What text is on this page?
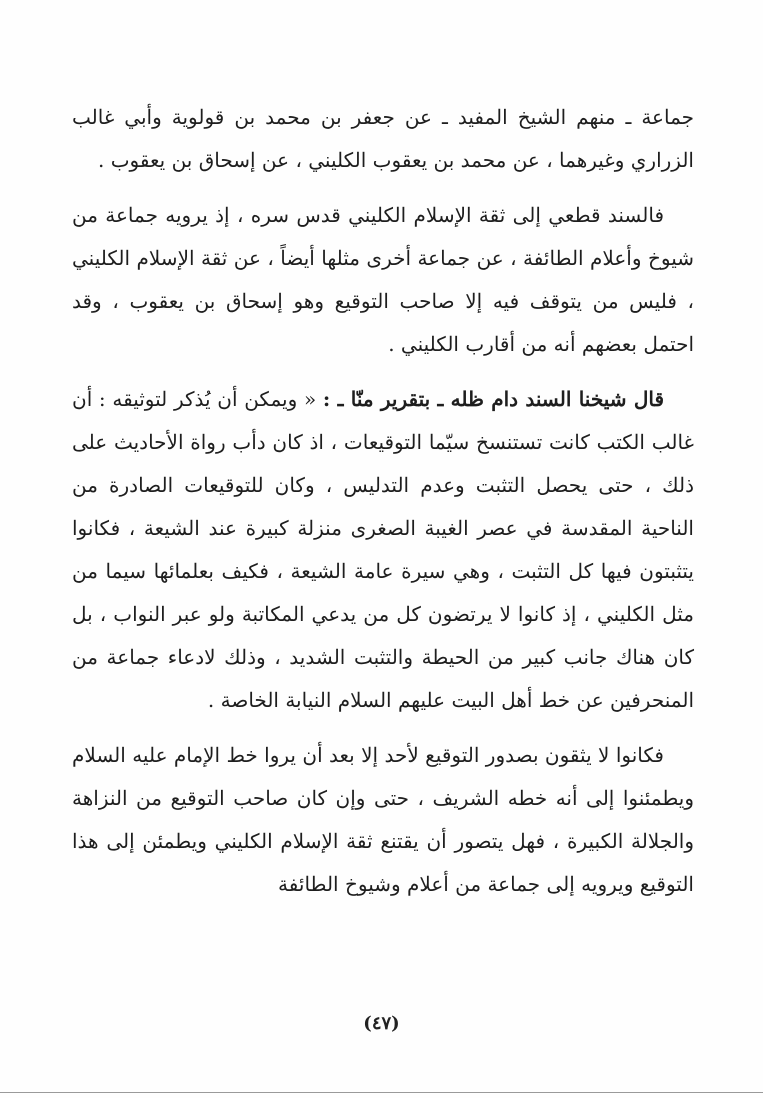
جماعة ـ منهم الشيخ المفيد ـ عن جعفر بن محمد بن قولوية وأبي غالب الزراري وغيرهما ، عن محمد بن يعقوب الكليني ، عن إسحاق بن يعقوب .

فالسند قطعي إلى ثقة الإسلام الكليني قدس سره ، إذ يرويه جماعة من شيوخ وأعلام الطائفة ، عن جماعة أخرى مثلها أيضاً ، عن ثقة الإسلام الكليني ، فليس من يتوقف فيه إلا صاحب التوقيع وهو إسحاق بن يعقوب ، وقد احتمل بعضهم أنه من أقارب الكليني .

قال شيخنا السند دام ظله ـ بتقرير منّا ـ : « ويمكن أن يُذكر لتوثيقه : أن غالب الكتب كانت تستنسخ سيّما التوقيعات ، اذ كان دأب رواة الأحاديث على ذلك ، حتى يحصل التثبت وعدم التدليس ، وكان للتوقيعات الصادرة من الناحية المقدسة في عصر الغيبة الصغرى منزلة كبيرة عند الشيعة ، فكانوا يتثبتون فيها كل التثبت ، وهي سيرة عامة الشيعة ، فكيف بعلمائها سيما من مثل الكليني ، إذ كانوا لا يرتضون كل من يدعي المكاتبة ولو عبر النواب ، بل كان هناك جانب كبير من الحيطة والتثبت الشديد ، وذلك لادعاء جماعة من المنحرفين عن خط أهل البيت عليهم السلام النيابة الخاصة .

فكانوا لا يثقون بصدور التوقيع لأحد إلا بعد أن يروا خط الإمام عليه السلام ويطمئنوا إلى أنه خطه الشريف ، حتى وإن كان صاحب التوقيع من النزاهة والجلالة الكبيرة ، فهل يتصور أن يقتنع ثقة الإسلام الكليني ويطمئن إلى هذا التوقيع ويرويه إلى جماعة من أعلام وشيوخ الطائفة

(٤٧)
